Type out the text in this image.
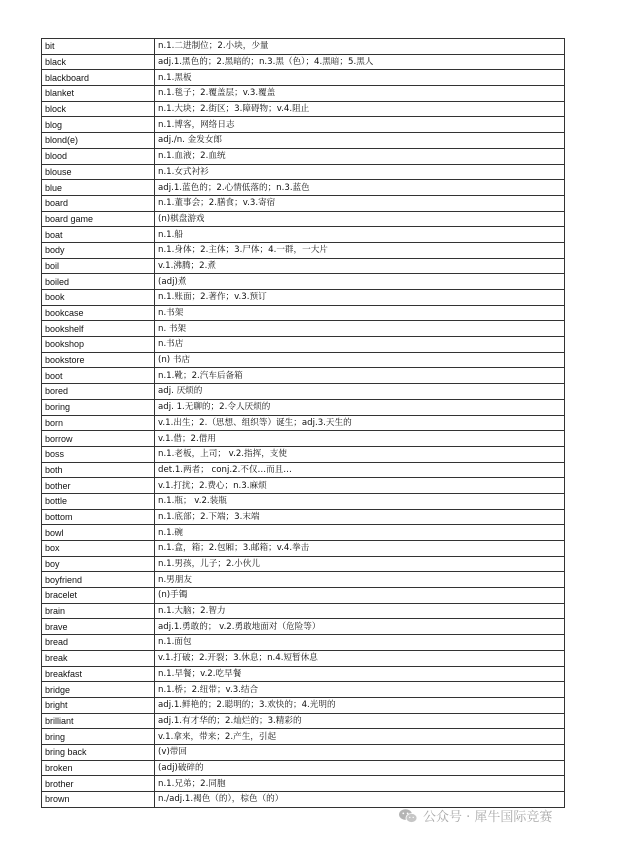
bit	n.1.二进制位；2.小块，少量
black	adj.1.黑色的；2.黑暗的；n.3.黑（色）；4.黑暗；5.黑人
blackboard	n.1.黑板
blanket	n.1.毯子；2.覆盖层；v.3.覆盖
block	n.1.大块；2.街区；3.障碍物；v.4.阻止
blog	n.1.博客，网络日志
blond(e)	adj./n. 金发女郎
blood	n.1.血液；2.血统
blouse	n.1.女式衬衫
blue	adj.1.蓝色的；2.心情低落的；n.3.蓝色
board	n.1.董事会；2.膳食；v.3.寄宿
board game	(n)棋盘游戏
boat	n.1.船
body	n.1.身体；2.主体；3.尸体；4.一群，一大片
boil	v.1.沸腾；2.煮
boiled	(adj)煮
book	n.1.账面；2.著作；v.3.预订
bookcase	n.书架
bookshelf	n. 书架
bookshop	n.书店
bookstore	(n) 书店
boot	n.1.靴；2.汽车后备箱
bored	adj. 厌烦的
boring	adj. 1.无聊的；2.令人厌烦的
born	v.1.出生；2.（思想、组织等）诞生；adj.3.天生的
borrow	v.1.借；2.借用
boss	n.1.老板，上司； v.2.指挥，支使
both	det.1.两者； conj.2.不仅…而且…
bother	v.1.打扰；2.费心；n.3.麻烦
bottle	n.1.瓶； v.2.装瓶
bottom	n.1.底部；2.下端；3.末端
bowl	n.1.碗
box	n.1.盒，箱；2.包厢；3.邮箱；v.4.拳击
boy	n.1.男孩，儿子；2.小伙儿
boyfriend	n.男朋友
bracelet	(n)手镯
brain	n.1.大脑；2.智力
brave	adj.1.勇敢的； v.2.勇敢地面对（危险等）
bread	n.1.面包
break	v.1.打破；2.开裂；3.休息；n.4.短暂休息
breakfast	n.1.早餐；v.2.吃早餐
bridge	n.1.桥；2.纽带；v.3.结合
bright	adj.1.鲜艳的；2.聪明的；3.欢快的；4.光明的
brilliant	adj.1.有才华的；2.灿烂的；3.精彩的
bring	v.1.拿来，带来；2.产生，引起
bring back	(v)带回
broken	(adj)破碎的
brother	n.1.兄弟；2.同胞
brown	n./adj.1.褐色（的），棕色（的）
公众号 · 犀牛国际竞赛
